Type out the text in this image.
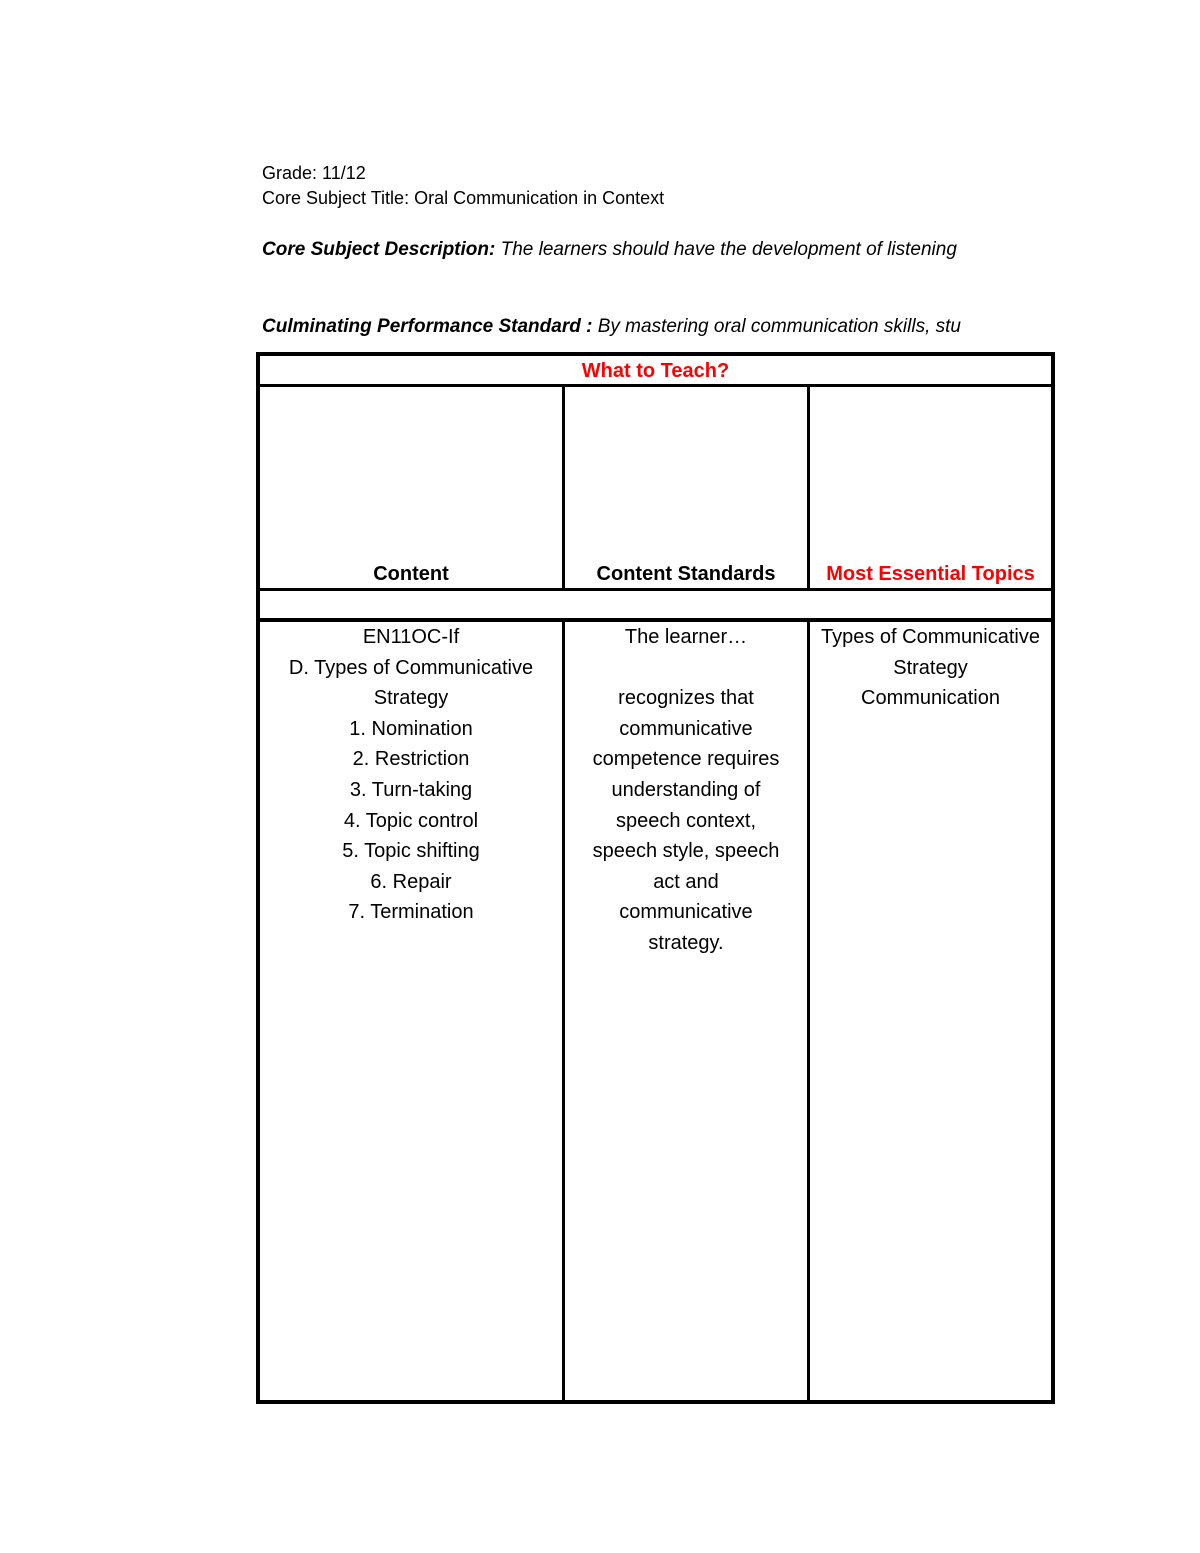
Grade: 11/12
Core Subject Title: Oral Communication in Context
Core Subject Description: The learners should have the development of listening
Culminating Performance Standard : By mastering oral communication skills, stu
What to Teach?
Content	Content Standards	Most Essential Topics
EN11OC-If
D. Types of Communicative
Strategy
1. Nomination
2. Restriction
3. Turn-taking
4. Topic control
5. Topic shifting
6. Repair
7. Termination
The learner…

recognizes that
communicative
competence requires
understanding of
speech context,
speech style, speech
act and
communicative
strategy.
Types of Communicative
Strategy
Communication
